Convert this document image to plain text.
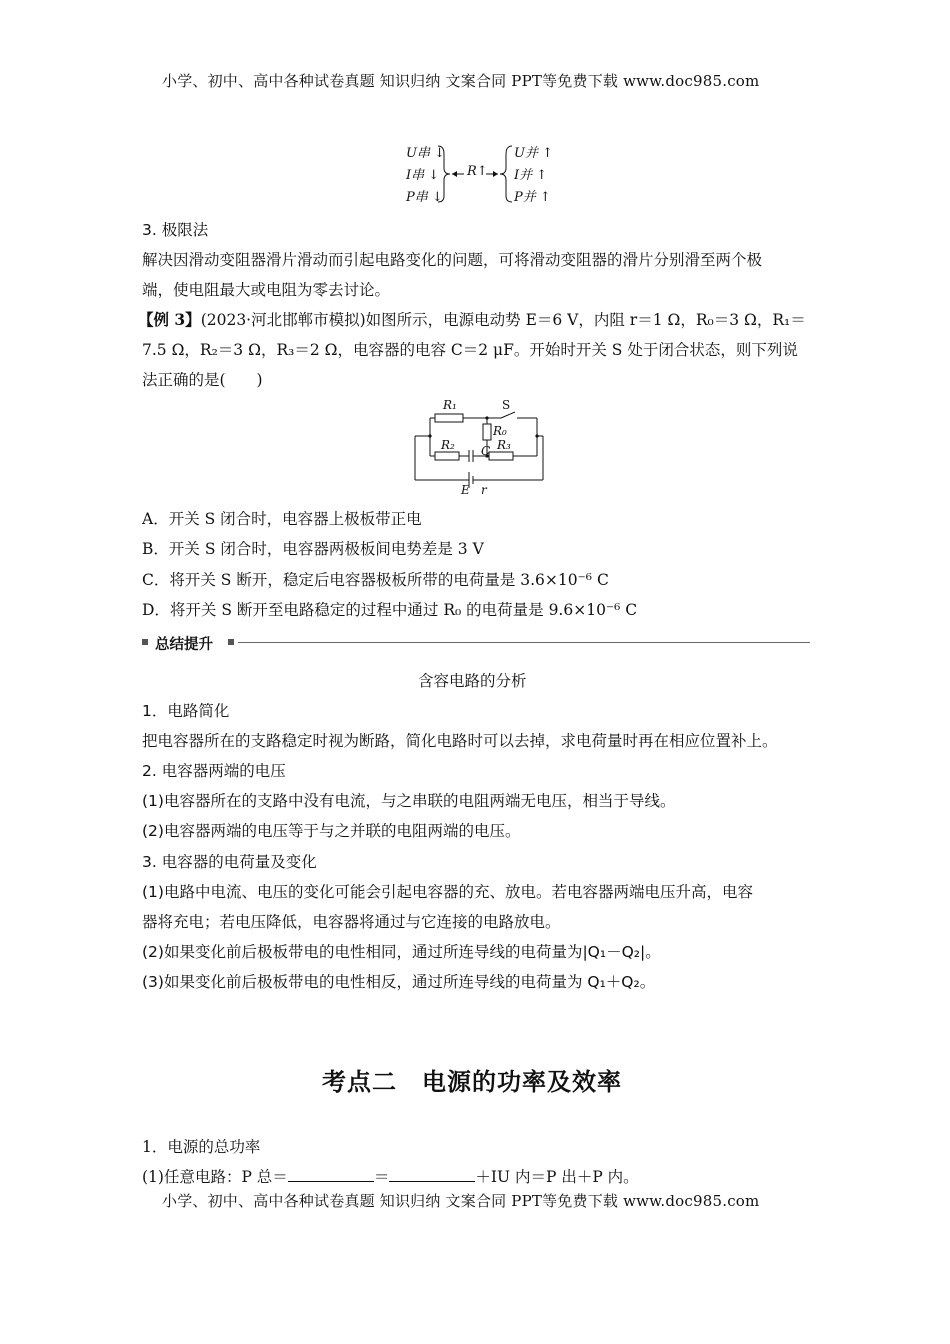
小学、初中、高中各种试卷真题 知识归纳 文案合同 PPT等免费下载 www.doc985.com
小学、初中、高中各种试卷真题 知识归纳 文案合同 PPT等免费下载 www.doc985.com
U串 ↓
I串 ↓
P串 ↓
R↑
U并 ↑
I并 ↑
P并 ↑
3. 极限法
解决因滑动变阻器滑片滑动而引起电路变化的问题，可将滑动变阻器的滑片分别滑至两个极
端，使电阻最大或电阻为零去讨论。
【例 3】(2023·河北邯郸市模拟)如图所示，电源电动势 E＝6 V，内阻 r＝1 Ω，R₀＝3 Ω，R₁＝
7.5 Ω，R₂＝3 Ω，R₃＝2 Ω，电容器的电容 C＝2 μF。开始时开关 S 处于闭合状态，则下列说
法正确的是(　　)
R₁	S
R₀
R₂ C R₃
E r
A．开关 S 闭合时，电容器上极板带正电
B．开关 S 闭合时，电容器两极板间电势差是 3 V
C．将开关 S 断开，稳定后电容器极板所带的电荷量是 3.6×10⁻⁶ C
D．将开关 S 断开至电路稳定的过程中通过 R₀ 的电荷量是 9.6×10⁻⁶ C
总结提升
含容电路的分析
1．电路简化
把电容器所在的支路稳定时视为断路，简化电路时可以去掉，求电荷量时再在相应位置补上。
2. 电容器两端的电压
(1)电容器所在的支路中没有电流，与之串联的电阻两端无电压，相当于导线。
(2)电容器两端的电压等于与之并联的电阻两端的电压。
3. 电容器的电荷量及变化
(1)电路中电流、电压的变化可能会引起电容器的充、放电。若电容器两端电压升高，电容
器将充电；若电压降低，电容器将通过与它连接的电路放电。
(2)如果变化前后极板带电的电性相同，通过所连导线的电荷量为|Q₁－Q₂|。
(3)如果变化前后极板带电的电性相反，通过所连导线的电荷量为 Q₁＋Q₂。
考点二　电源的功率及效率
1．电源的总功率
(1)任意电路：P 总＝	＝	＋IU 内＝P 出＋P 内。
